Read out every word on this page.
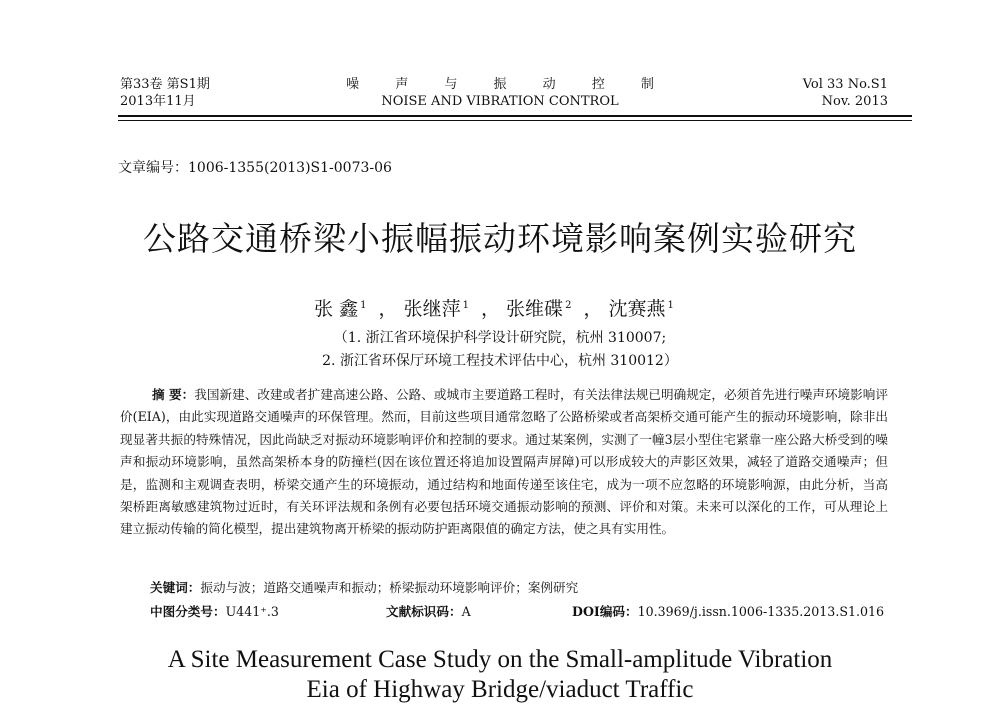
第33卷 第S1期
2013年11月
噪 声 与 振 动 控 制
NOISE AND VIBRATION CONTROL
Vol 33 No.S1
Nov. 2013
文章编号：1006-1355(2013)S1-0073-06
公路交通桥梁小振幅振动环境影响案例实验研究
张 鑫 $^1$ ， 张继萍 $^1$ ， 张维碟 $^2$ ， 沈赛燕 $^1$
（1. 浙江省环境保护科学设计研究院，杭州 310007;
2. 浙江省环保厅环境工程技术评估中心，杭州 310012）
摘 要：我国新建、改建或者扩建高速公路、公路、或城市主要道路工程时，有关法律法规已明确规定，必须首先进行噪声环境影响评价(EIA)，由此实现道路交通噪声的环保管理。然而，目前这些项目通常忽略了公路桥梁或者高架桥交通可能产生的振动环境影响，除非出现显著共振的特殊情况，因此尚缺乏对振动环境影响评价和控制的要求。通过某案例，实测了一幢3层小型住宅紧靠一座公路大桥受到的噪声和振动环境影响，虽然高架桥本身的防撞栏(因在该位置还将追加设置隔声屏障)可以形成较大的声影区效果，减轻了道路交通噪声；但是，监测和主观调查表明，桥梁交通产生的环境振动，通过结构和地面传递至该住宅，成为一项不应忽略的环境影响源，由此分析，当高架桥距离敏感建筑物过近时，有关环评法规和条例有必要包括环境交通振动影响的预测、评价和对策。未来可以深化的工作，可从理论上建立振动传输的简化模型，提出建筑物离开桥梁的振动防护距离限值的确定方法，使之具有实用性。
关键词：振动与波；道路交通噪声和振动；桥梁振动环境影响评价；案例研究
中图分类号：U441⁺.3	文献标识码：A	DOI编码：10.3969/j.issn.1006-1335.2013.S1.016
A Site Measurement Case Study on the Small-amplitude Vibration
Eia of Highway Bridge/viaduct Traffic
